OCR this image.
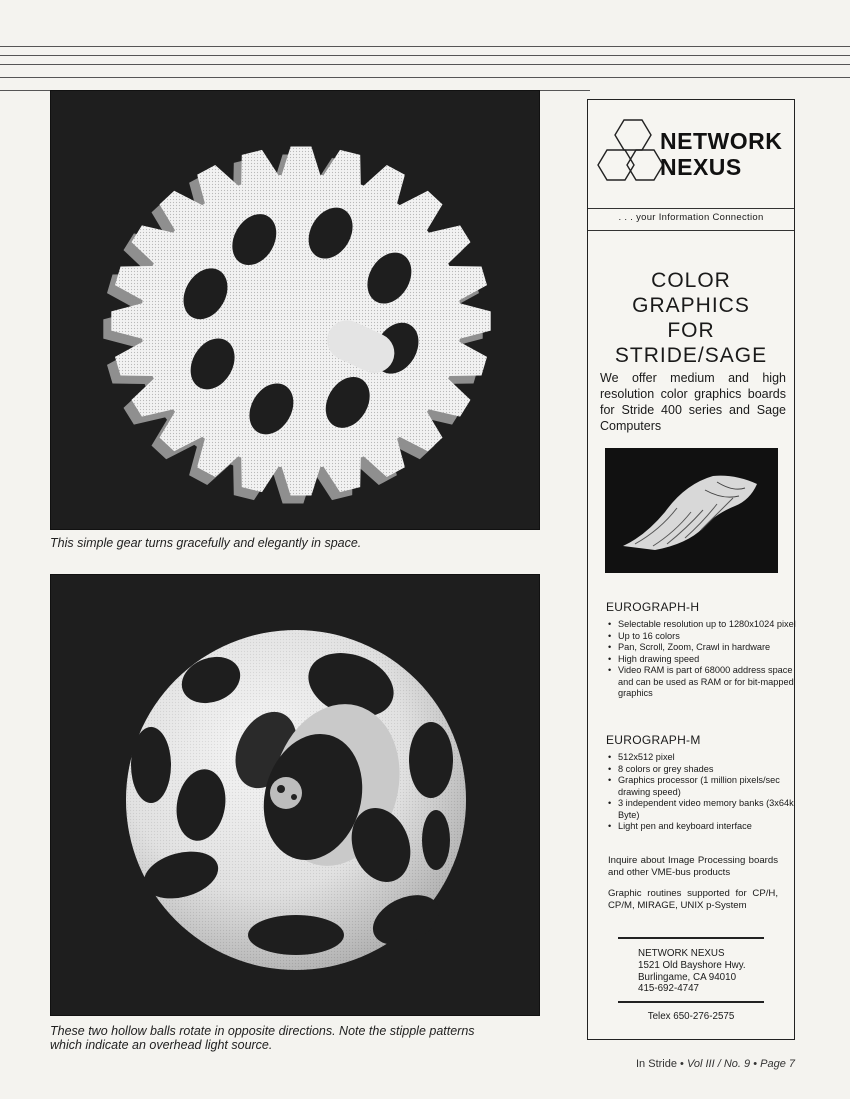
This simple gear turns gracefully and elegantly in space.
These two hollow balls rotate in opposite directions. Note the stipple patterns
which indicate an overhead light source.
NETWORK
NEXUS
. . . your Information Connection
COLOR
GRAPHICS
FOR
STRIDE/SAGE
We offer medium and high resolution color graphics boards for Stride 400 series and Sage Computers
EUROGRAPH-H
• Selectable resolution up to 1280x1024 pixel
• Up to 16 colors
• Pan, Scroll, Zoom, Crawl in hardware
• High drawing speed
• Video RAM is part of 68000 address space and can be used as RAM or for bit-mapped graphics
EUROGRAPH-M
• 512x512 pixel
• 8 colors or grey shades
• Graphics processor (1 million pixels/sec drawing speed)
• 3 independent video memory banks (3x64k Byte)
• Light pen and keyboard interface
Inquire about Image Processing boards and other VME-bus products
Graphic routines supported for CP/H, CP/M, MIRAGE, UNIX p-System
NETWORK NEXUS
1521 Old Bayshore Hwy.
Burlingame, CA 94010
415-692-4747
Telex 650-276-2575
In Stride • Vol III / No. 9 • Page 7
